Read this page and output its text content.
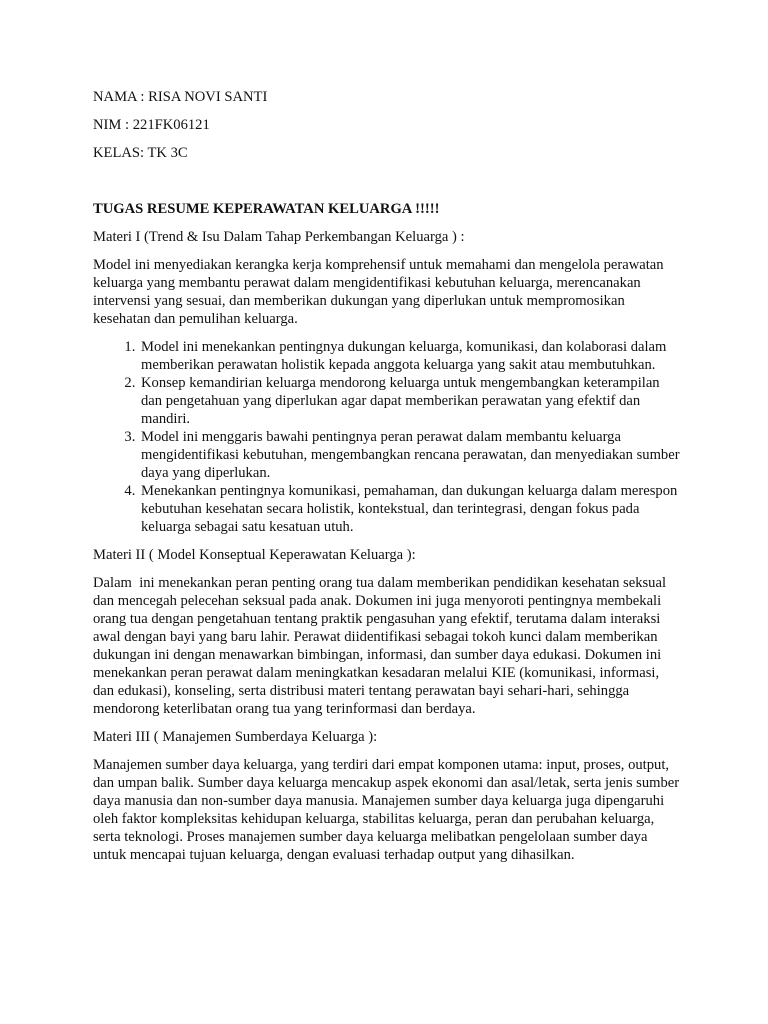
NAMA : RISA NOVI SANTI

NIM : 221FK06121

KELAS: TK 3C

TUGAS RESUME KEPERAWATAN KELUARGA !!!!!

Materi I (Trend & Isu Dalam Tahap Perkembangan Keluarga ) :

Model ini menyediakan kerangka kerja komprehensif untuk memahami dan mengelola perawatan keluarga yang membantu perawat dalam mengidentifikasi kebutuhan keluarga, merencanakan intervensi yang sesuai, dan memberikan dukungan yang diperlukan untuk mempromosikan kesehatan dan pemulihan keluarga.

1. Model ini menekankan pentingnya dukungan keluarga, komunikasi, dan kolaborasi dalam memberikan perawatan holistik kepada anggota keluarga yang sakit atau membutuhkan.
2. Konsep kemandirian keluarga mendorong keluarga untuk mengembangkan keterampilan dan pengetahuan yang diperlukan agar dapat memberikan perawatan yang efektif dan mandiri.
3. Model ini menggaris bawahi pentingnya peran perawat dalam membantu keluarga mengidentifikasi kebutuhan, mengembangkan rencana perawatan, dan menyediakan sumber daya yang diperlukan.
4. Menekankan pentingnya komunikasi, pemahaman, dan dukungan keluarga dalam merespon kebutuhan kesehatan secara holistik, kontekstual, dan terintegrasi, dengan fokus pada keluarga sebagai satu kesatuan utuh.

Materi II ( Model Konseptual Keperawatan Keluarga ):

Dalam  ini menekankan peran penting orang tua dalam memberikan pendidikan kesehatan seksual dan mencegah pelecehan seksual pada anak. Dokumen ini juga menyoroti pentingnya membekali orang tua dengan pengetahuan tentang praktik pengasuhan yang efektif, terutama dalam interaksi awal dengan bayi yang baru lahir. Perawat diidentifikasi sebagai tokoh kunci dalam memberikan dukungan ini dengan menawarkan bimbingan, informasi, dan sumber daya edukasi. Dokumen ini menekankan peran perawat dalam meningkatkan kesadaran melalui KIE (komunikasi, informasi, dan edukasi), konseling, serta distribusi materi tentang perawatan bayi sehari-hari, sehingga mendorong keterlibatan orang tua yang terinformasi dan berdaya.

Materi III ( Manajemen Sumberdaya Keluarga ):

Manajemen sumber daya keluarga, yang terdiri dari empat komponen utama: input, proses, output, dan umpan balik. Sumber daya keluarga mencakup aspek ekonomi dan asal/letak, serta jenis sumber daya manusia dan non-sumber daya manusia. Manajemen sumber daya keluarga juga dipengaruhi oleh faktor kompleksitas kehidupan keluarga, stabilitas keluarga, peran dan perubahan keluarga, serta teknologi. Proses manajemen sumber daya keluarga melibatkan pengelolaan sumber daya untuk mencapai tujuan keluarga, dengan evaluasi terhadap output yang dihasilkan.
